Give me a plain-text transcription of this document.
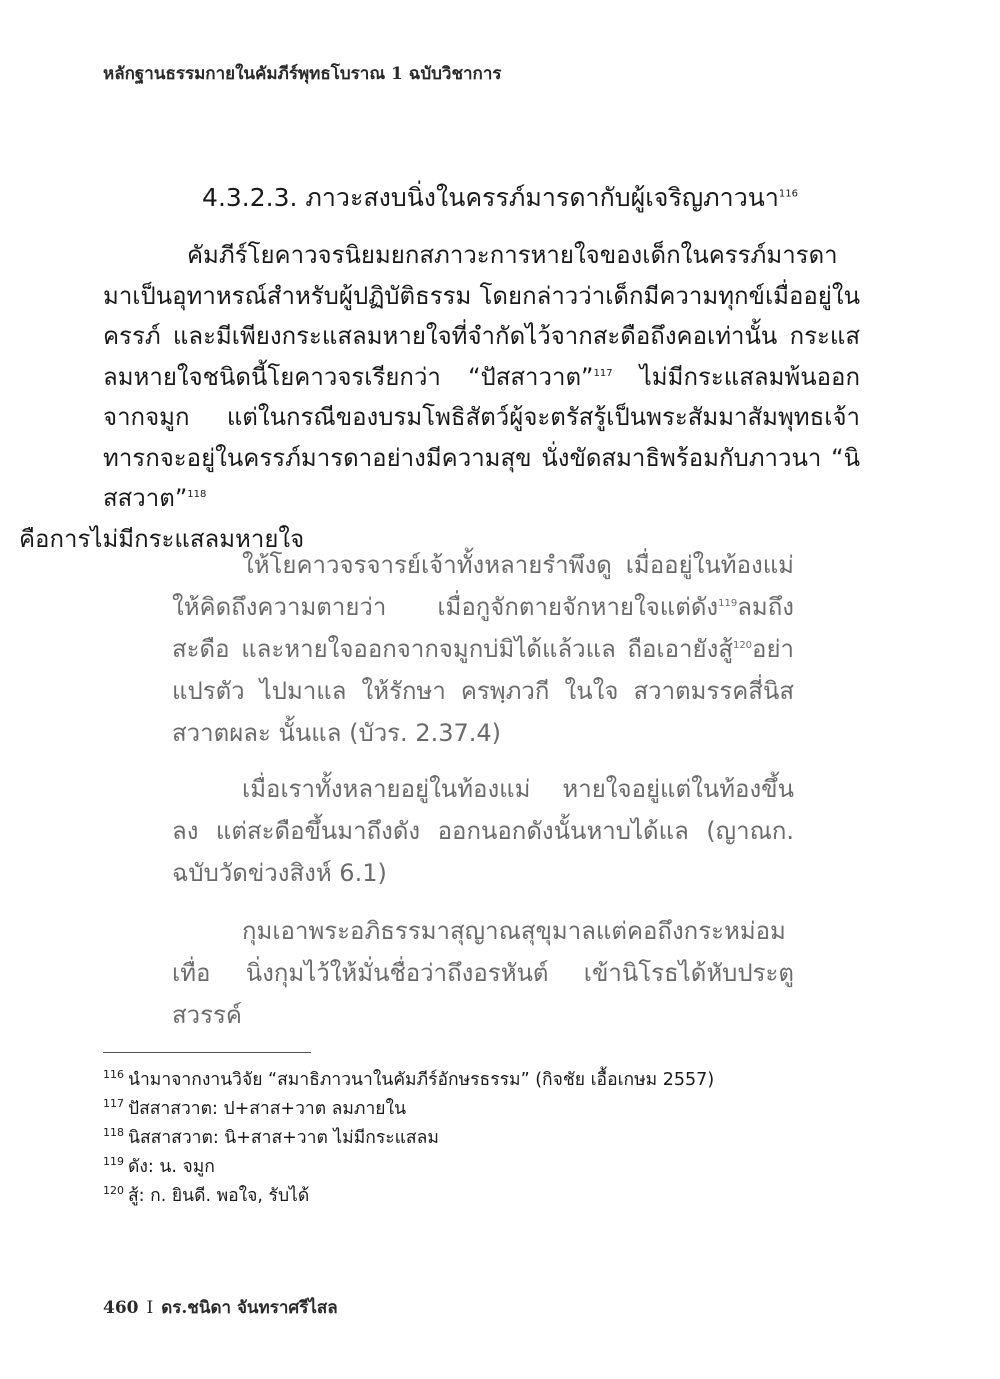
หลักฐานธรรมกายในคัมภีร์พุทธโบราณ 1 ฉบับวิชาการ
4.3.2.3. ภาวะสงบนิ่งในครรภ์มารดากับผู้เจริญภาวนา$^{116}$

คัมภีร์โยคาวจรนิยมยกสภาวะการหายใจของเด็กในครรภ์มารดามาเป็นอุทาหรณ์สำหรับผู้ปฏิบัติธรรม โดยกล่าวว่าเด็กมีความทุกข์เมื่ออยู่ในครรภ์ และมีเพียงกระแสลมหายใจที่จำกัดไว้จากสะดือถึงคอเท่านั้น กระแสลมหายใจชนิดนี้โยคาวจรเรียกว่า “ปัสสาวาต”$^{117}$ ไม่มีกระแสลมพ้นออกจากจมูก แต่ในกรณีของบรมโพธิสัตว์ผู้จะตรัสรู้เป็นพระสัมมาสัมพุทธเจ้า ทารกจะอยู่ในครรภ์มารดาอย่างมีความสุข นั่งขัดสมาธิพร้อมกับภาวนา “นิสสวาต”$^{118}$
คือการไม่มีกระแสลมหายใจ

ให้โยคาวจรจารย์เจ้าทั้งหลายรำพึงดู เมื่ออยู่ในท้องแม่ ให้คิดถึงความตายว่า เมื่อกูจักตายจักหายใจแต่ดัง$^{119}$ลมถึงสะดือ และหายใจออกจากจมูกบ่มิได้แล้วแล ถือเอายังสู้$^{120}$อย่าแปรตัว ไปมาแล ให้รักษา ครพฺภวกี ในใจ สวาตมรรคสี่นิสสวาตผละ นั้นแล (บัวร. 2.37.4)

เมื่อเราทั้งหลายอยู่ในท้องแม่ หายใจอยู่แต่ในท้องขึ้นลง แต่สะดือขึ้นมาถึงดัง ออกนอกดังนั้นหาบได้แล (ญาณก. ฉบับวัดข่วงสิงห์ 6.1)

กุมเอาพระอภิธรรมาสุญาณสุขุมาลแต่คอถึงกระหม่อมเทื่อ นิ่งกุมไว้ให้มั่นชื่อว่าถึงอรหันต์ เข้านิโรธได้หับประตูสวรรค์

$^{116}$ นำมาจากงานวิจัย “สมาธิภาวนาในคัมภีร์อักษรธรรม” (กิจชัย เอื้อเกษม 2557)
$^{117}$ ปัสสาสวาต: ป+สาส+วาต ลมภายใน
$^{118}$ นิสสาสวาต: นิ+สาส+วาต ไม่มีกระแสลม
$^{119}$ ดัง: น. จมูก
$^{120}$ สู้: ก. ยินดี. พอใจ, รับได้
460 I ดร.ชนิดา จันทราศรีไสล
